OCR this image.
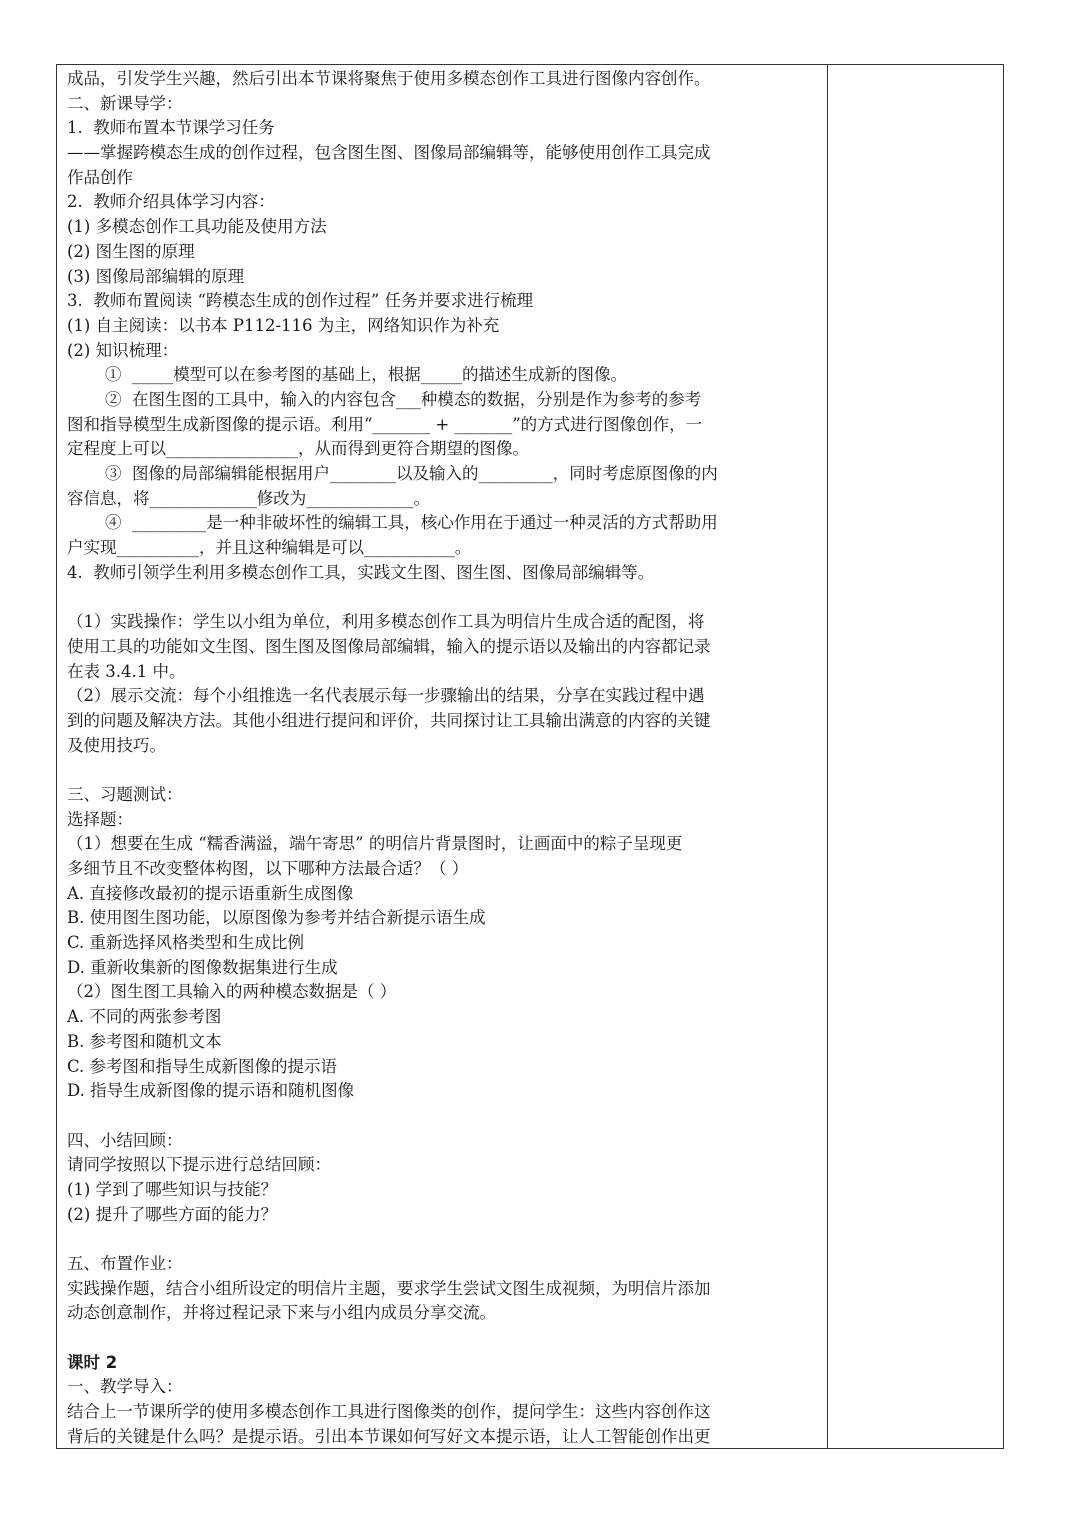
成品，引发学生兴趣，然后引出本节课将聚焦于使用多模态创作工具进行图像内容创作。
二、新课导学：
1.  教师布置本节课学习任务
——掌握跨模态生成的创作过程，包含图生图、图像局部编辑等，能够使用创作工具完成
作品创作
2.  教师介绍具体学习内容：
(1) 多模态创作工具功能及使用方法
(2) 图生图的原理
(3) 图像局部编辑的原理
3.  教师布置阅读 “跨模态生成的创作过程” 任务并要求进行梳理
(1) 自主阅读：以书本 P112-116 为主，网络知识作为补充
(2) 知识梳理：
①  _____模型可以在参考图的基础上，根据_____的描述生成新的图像。
②  在图生图的工具中，输入的内容包含___种模态的数据，分别是作为参考的参考
图和指导模型生成新图像的提示语。利用“_______ + _______”的方式进行图像创作，一
定程度上可以________________，从而得到更符合期望的图像。
③  图像的局部编辑能根据用户________以及输入的_________，同时考虑原图像的内
容信息，将_____________修改为_____________。
④  _________是一种非破坏性的编辑工具，核心作用在于通过一种灵活的方式帮助用
户实现__________，并且这种编辑是可以___________。
4.  教师引领学生利用多模态创作工具，实践文生图、图生图、图像局部编辑等。
（1）实践操作：学生以小组为单位，利用多模态创作工具为明信片生成合适的配图，将
使用工具的功能如文生图、图生图及图像局部编辑，输入的提示语以及输出的内容都记录
在表 3.4.1 中。
（2）展示交流：每个小组推选一名代表展示每一步骤输出的结果，分享在实践过程中遇
到的问题及解决方法。其他小组进行提问和评价，共同探讨让工具输出满意的内容的关键
及使用技巧。
三、习题测试：
选择题：
（1）想要在生成 “糯香满溢，端午寄思” 的明信片背景图时，让画面中的粽子呈现更
多细节且不改变整体构图，以下哪种方法最合适？（ ）
A. 直接修改最初的提示语重新生成图像
B. 使用图生图功能，以原图像为参考并结合新提示语生成
C. 重新选择风格类型和生成比例
D. 重新收集新的图像数据集进行生成
（2）图生图工具输入的两种模态数据是（ ）
A. 不同的两张参考图
B. 参考图和随机文本
C. 参考图和指导生成新图像的提示语
D. 指导生成新图像的提示语和随机图像
四、小结回顾：
请同学按照以下提示进行总结回顾：
(1) 学到了哪些知识与技能？
(2) 提升了哪些方面的能力？
五、布置作业：
实践操作题，结合小组所设定的明信片主题，要求学生尝试文图生成视频，为明信片添加
动态创意制作，并将过程记录下来与小组内成员分享交流。
课时 2
一、教学导入：
结合上一节课所学的使用多模态创作工具进行图像类的创作，提问学生：这些内容创作这
背后的关键是什么吗？是提示语。引出本节课如何写好文本提示语，让人工智能创作出更
